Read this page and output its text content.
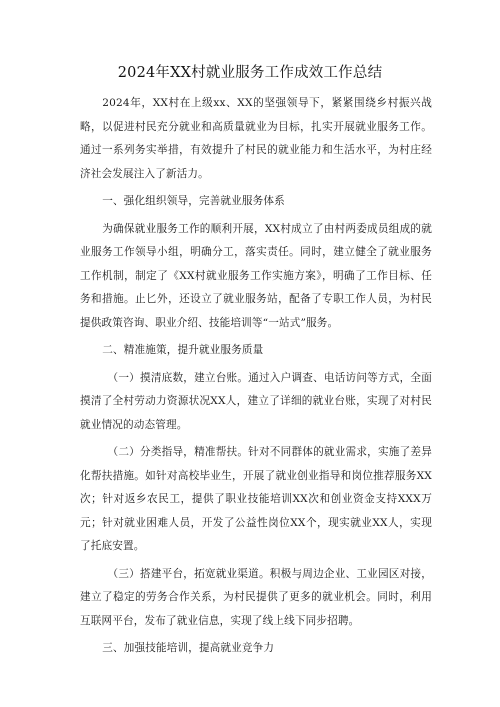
2024年XX村就业服务工作成效工作总结

2024年，XX村在上级xx、XX的坚强领导下，紧紧围绕乡村振兴战略，以促进村民充分就业和高质量就业为目标，扎实开展就业服务工作。通过一系列务实举措，有效提升了村民的就业能力和生活水平，为村庄经济社会发展注入了新活力。

一、强化组织领导，完善就业服务体系

为确保就业服务工作的顺利开展，XX村成立了由村两委成员组成的就业服务工作领导小组，明确分工，落实责任。同时，建立健全了就业服务工作机制，制定了《XX村就业服务工作实施方案》，明确了工作目标、任务和措施。止匕外，还设立了就业服务站，配备了专职工作人员，为村民提供政策咨询、职业介绍、技能培训等“一站式”服务。

二、精准施策，提升就业服务质量

（一）摸清底数，建立台账。通过入户调查、电话访问等方式，全面摸清了全村劳动力资源状况XX人，建立了详细的就业台账，实现了对村民就业情况的动态管理。

（二）分类指导，精准帮扶。针对不同群体的就业需求，实施了差异化帮扶措施。如针对高校毕业生，开展了就业创业指导和岗位推荐服务XX次；针对返乡农民工，提供了职业技能培训XX次和创业资金支持XXX万元；针对就业困难人员，开发了公益性岗位XX个，现实就业XX人，实现了托底安置。

（三）搭建平台，拓宽就业渠道。积极与周边企业、工业园区对接，建立了稳定的劳务合作关系，为村民提供了更多的就业机会。同时，利用互联网平台，发布了就业信息，实现了线上线下同步招聘。

三、加强技能培训，提高就业竞争力
